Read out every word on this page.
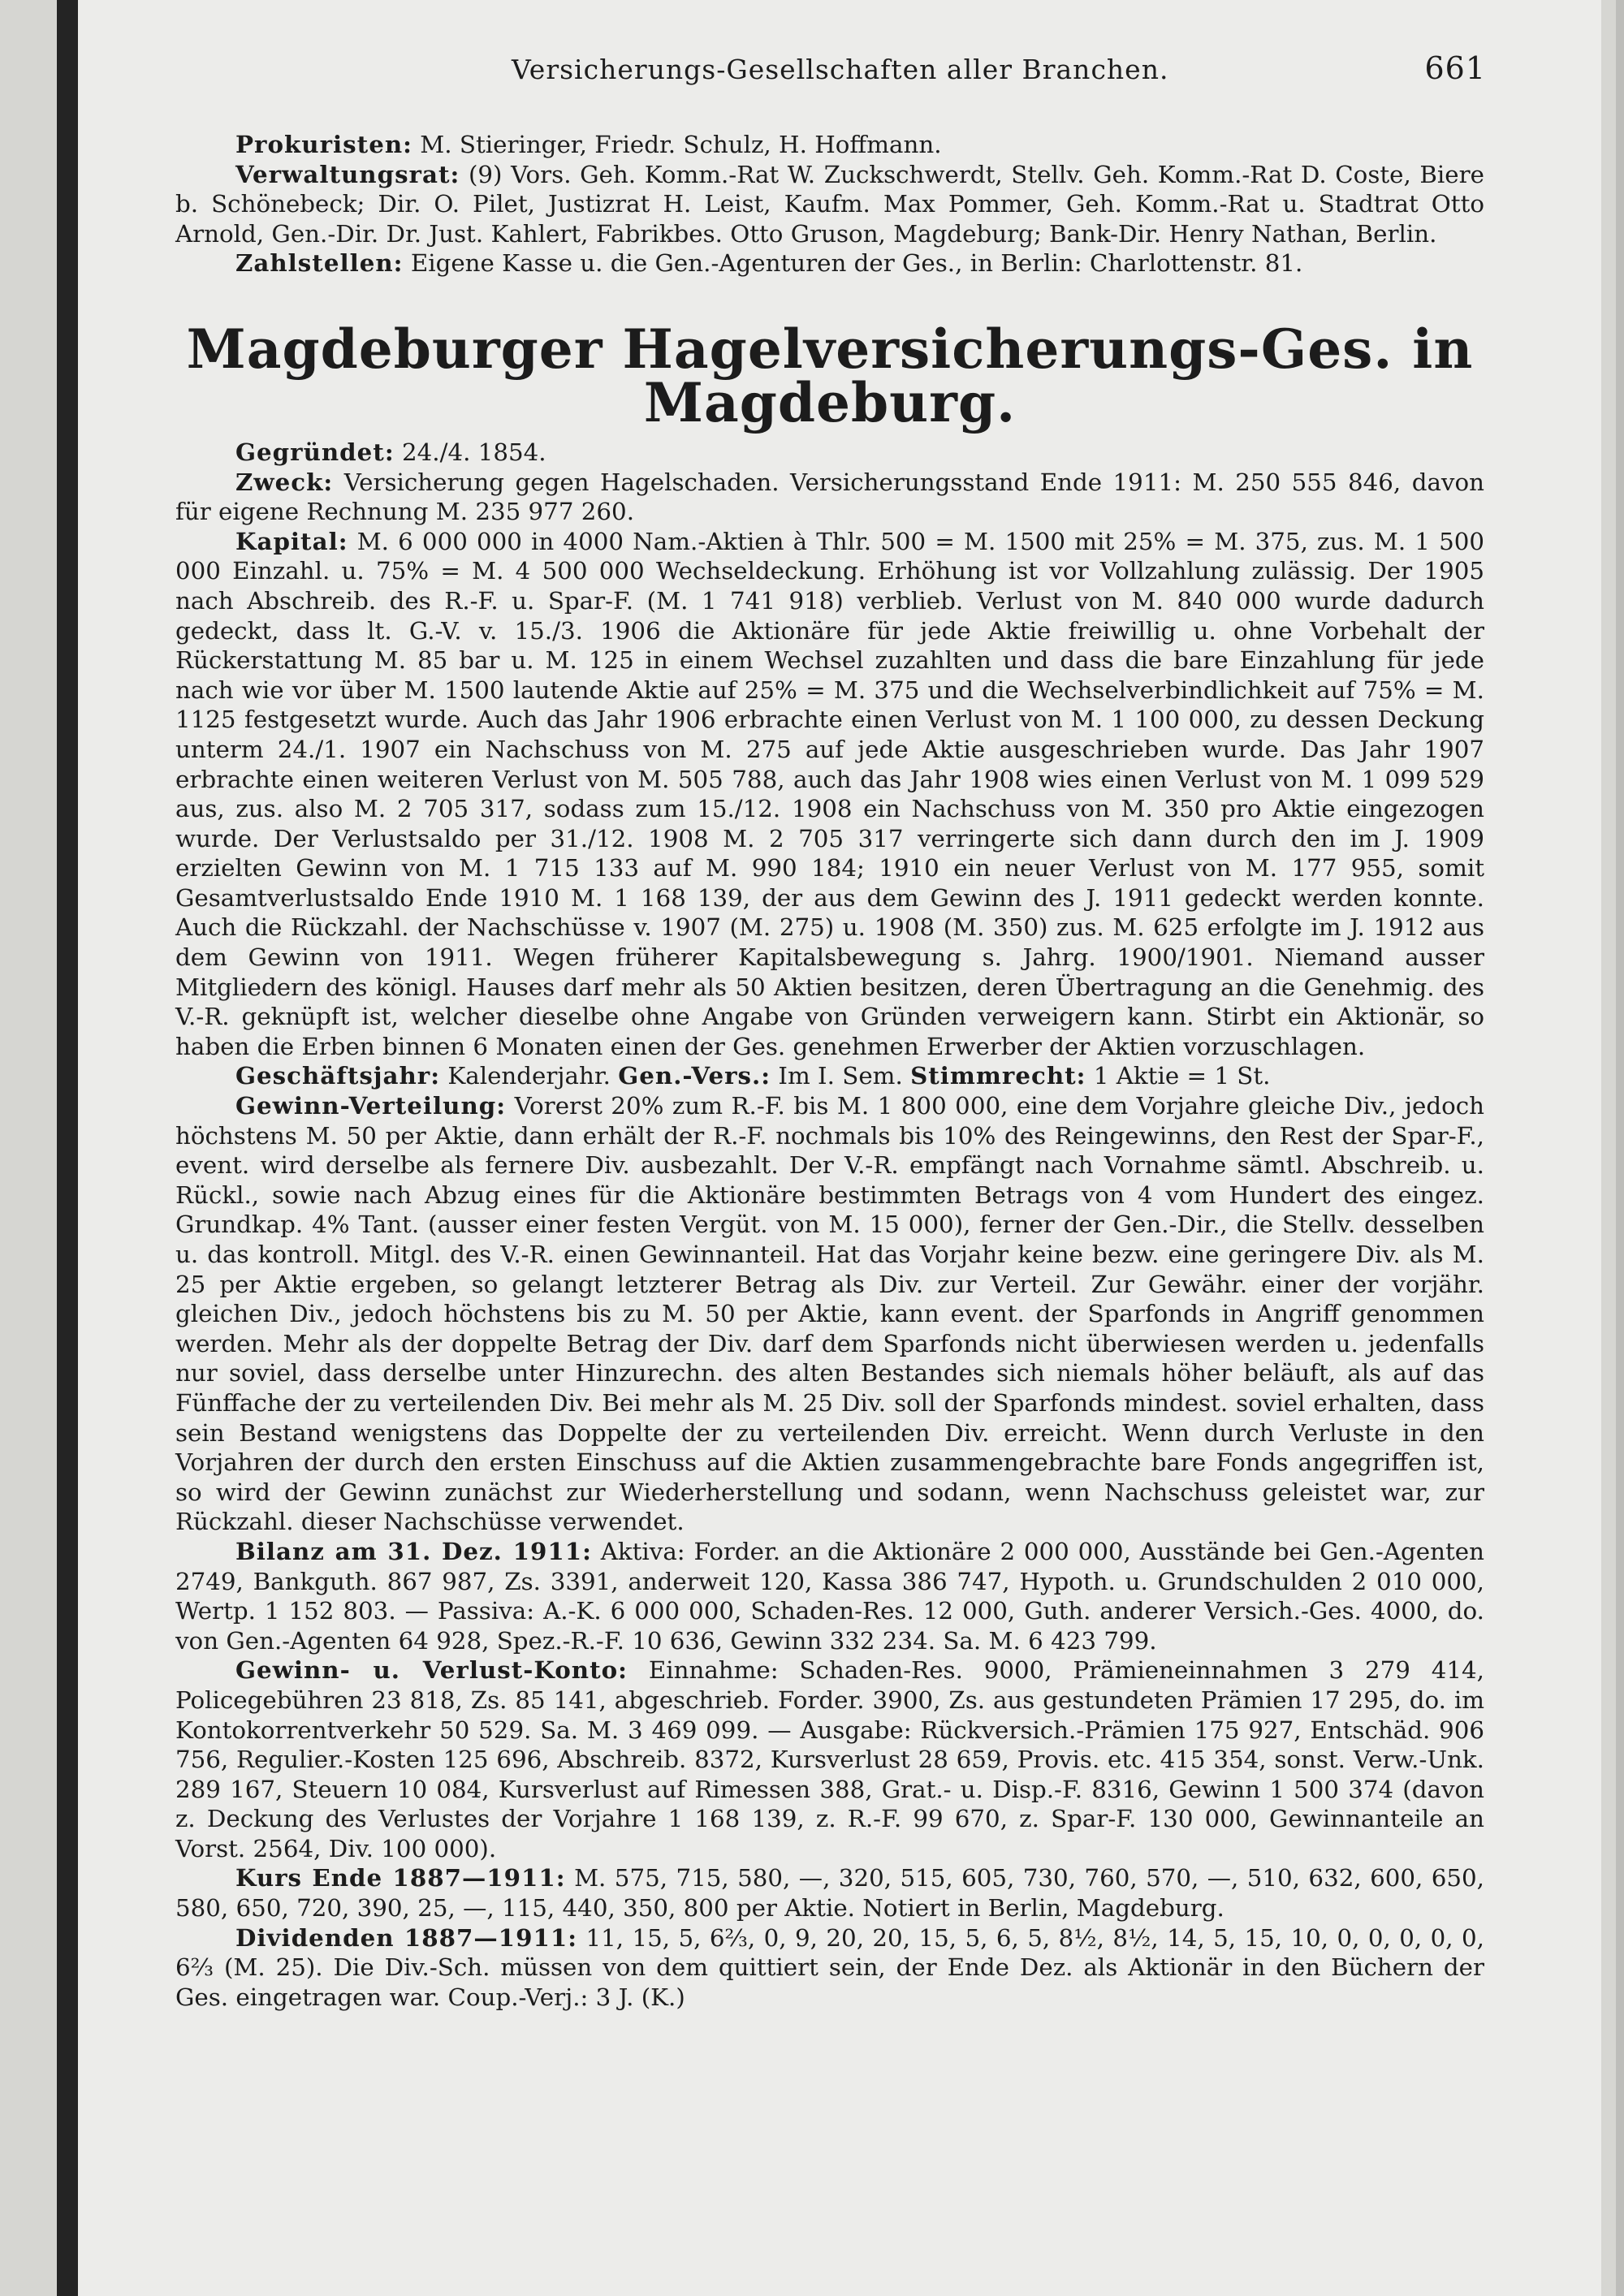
Versicherungs-Gesellschaften aller Branchen.	661

Prokuristen: M. Stieringer, Friedr. Schulz, H. Hoffmann.

Verwaltungsrat: (9) Vors. Geh. Komm.-Rat W. Zuckschwerdt, Stellv. Geh. Komm.-Rat D. Coste, Biere b. Schönebeck; Dir. O. Pilet, Justizrat H. Leist, Kaufm. Max Pommer, Geh. Komm.-Rat u. Stadtrat Otto Arnold, Gen.-Dir. Dr. Just. Kahlert, Fabrikbes. Otto Gruson, Magdeburg; Bank-Dir. Henry Nathan, Berlin.

Zahlstellen: Eigene Kasse u. die Gen.-Agenturen der Ges., in Berlin: Charlottenstr. 81.

Magdeburger Hagelversicherungs-Ges. in Magdeburg.

Gegründet: 24./4. 1854.

Zweck: Versicherung gegen Hagelschaden. Versicherungsstand Ende 1911: M. 250 555 846, davon für eigene Rechnung M. 235 977 260.

Kapital: M. 6 000 000 in 4000 Nam.-Aktien à Thlr. 500 = M. 1500 mit 25% = M. 375, zus. M. 1 500 000 Einzahl. u. 75% = M. 4 500 000 Wechseldeckung. Erhöhung ist vor Vollzahlung zulässig. Der 1905 nach Abschreib. des R.-F. u. Spar-F. (M. 1 741 918) verblieb. Verlust von M. 840 000 wurde dadurch gedeckt, dass lt. G.-V. v. 15./3. 1906 die Aktionäre für jede Aktie freiwillig u. ohne Vorbehalt der Rückerstattung M. 85 bar u. M. 125 in einem Wechsel zuzahlten und dass die bare Einzahlung für jede nach wie vor über M. 1500 lautende Aktie auf 25% = M. 375 und die Wechselverbindlichkeit auf 75% = M. 1125 festgesetzt wurde. Auch das Jahr 1906 erbrachte einen Verlust von M. 1 100 000, zu dessen Deckung unterm 24./1. 1907 ein Nachschuss von M. 275 auf jede Aktie ausgeschrieben wurde. Das Jahr 1907 erbrachte einen weiteren Verlust von M. 505 788, auch das Jahr 1908 wies einen Verlust von M. 1 099 529 aus, zus. also M. 2 705 317, sodass zum 15./12. 1908 ein Nachschuss von M. 350 pro Aktie eingezogen wurde. Der Verlustsaldo per 31./12. 1908 M. 2 705 317 verringerte sich dann durch den im J. 1909 erzielten Gewinn von M. 1 715 133 auf M. 990 184; 1910 ein neuer Verlust von M. 177 955, somit Gesamtverlustsaldo Ende 1910 M. 1 168 139, der aus dem Gewinn des J. 1911 gedeckt werden konnte. Auch die Rückzahl. der Nachschüsse v. 1907 (M. 275) u. 1908 (M. 350) zus. M. 625 erfolgte im J. 1912 aus dem Gewinn von 1911. Wegen früherer Kapitalsbewegung s. Jahrg. 1900/1901. Niemand ausser Mitgliedern des königl. Hauses darf mehr als 50 Aktien besitzen, deren Übertragung an die Genehmig. des V.-R. geknüpft ist, welcher dieselbe ohne Angabe von Gründen verweigern kann. Stirbt ein Aktionär, so haben die Erben binnen 6 Monaten einen der Ges. genehmen Erwerber der Aktien vorzuschlagen.

Geschäftsjahr: Kalenderjahr. Gen.-Vers.: Im I. Sem. Stimmrecht: 1 Aktie = 1 St.

Gewinn-Verteilung: Vorerst 20% zum R.-F. bis M. 1 800 000, eine dem Vorjahre gleiche Div., jedoch höchstens M. 50 per Aktie, dann erhält der R.-F. nochmals bis 10% des Reingewinns, den Rest der Spar-F., event. wird derselbe als fernere Div. ausbezahlt. Der V.-R. empfängt nach Vornahme sämtl. Abschreib. u. Rückl., sowie nach Abzug eines für die Aktionäre bestimmten Betrags von 4 vom Hundert des eingez. Grundkap. 4% Tant. (ausser einer festen Vergüt. von M. 15 000), ferner der Gen.-Dir., die Stellv. desselben u. das kontroll. Mitgl. des V.-R. einen Gewinnanteil. Hat das Vorjahr keine bezw. eine geringere Div. als M. 25 per Aktie ergeben, so gelangt letzterer Betrag als Div. zur Verteil. Zur Gewähr. einer der vorjähr. gleichen Div., jedoch höchstens bis zu M. 50 per Aktie, kann event. der Sparfonds in Angriff genommen werden. Mehr als der doppelte Betrag der Div. darf dem Sparfonds nicht überwiesen werden u. jedenfalls nur soviel, dass derselbe unter Hinzurechn. des alten Bestandes sich niemals höher beläuft, als auf das Fünffache der zu verteilenden Div. Bei mehr als M. 25 Div. soll der Sparfonds mindest. soviel erhalten, dass sein Bestand wenigstens das Doppelte der zu verteilenden Div. erreicht. Wenn durch Verluste in den Vorjahren der durch den ersten Einschuss auf die Aktien zusammengebrachte bare Fonds angegriffen ist, so wird der Gewinn zunächst zur Wiederherstellung und sodann, wenn Nachschuss geleistet war, zur Rückzahl. dieser Nachschüsse verwendet.

Bilanz am 31. Dez. 1911: Aktiva: Forder. an die Aktionäre 2 000 000, Ausstände bei Gen.-Agenten 2749, Bankguth. 867 987, Zs. 3391, anderweit 120, Kassa 386 747, Hypoth. u. Grundschulden 2 010 000, Wertp. 1 152 803. — Passiva: A.-K. 6 000 000, Schaden-Res. 12 000, Guth. anderer Versich.-Ges. 4000, do. von Gen.-Agenten 64 928, Spez.-R.-F. 10 636, Gewinn 332 234. Sa. M. 6 423 799.

Gewinn- u. Verlust-Konto: Einnahme: Schaden-Res. 9000, Prämieneinnahmen 3 279 414, Policegebühren 23 818, Zs. 85 141, abgeschrieb. Forder. 3900, Zs. aus gestundeten Prämien 17 295, do. im Kontokorrentverkehr 50 529. Sa. M. 3 469 099. — Ausgabe: Rückversich.-Prämien 175 927, Entschäd. 906 756, Regulier.-Kosten 125 696, Abschreib. 8372, Kursverlust 28 659, Provis. etc. 415 354, sonst. Verw.-Unk. 289 167, Steuern 10 084, Kursverlust auf Rimessen 388, Grat.- u. Disp.-F. 8316, Gewinn 1 500 374 (davon z. Deckung des Verlustes der Vorjahre 1 168 139, z. R.-F. 99 670, z. Spar-F. 130 000, Gewinnanteile an Vorst. 2564, Div. 100 000).

Kurs Ende 1887—1911: M. 575, 715, 580, —, 320, 515, 605, 730, 760, 570, —, 510, 632, 600, 650, 580, 650, 720, 390, 25, —, 115, 440, 350, 800 per Aktie. Notiert in Berlin, Magdeburg.

Dividenden 1887—1911: 11, 15, 5, 6⅔, 0, 9, 20, 20, 15, 5, 6, 5, 8½, 8½, 14, 5, 15, 10, 0, 0, 0, 0, 0, 6⅔ (M. 25). Die Div.-Sch. müssen von dem quittiert sein, der Ende Dez. als Aktionär in den Büchern der Ges. eingetragen war. Coup.-Verj.: 3 J. (K.)
